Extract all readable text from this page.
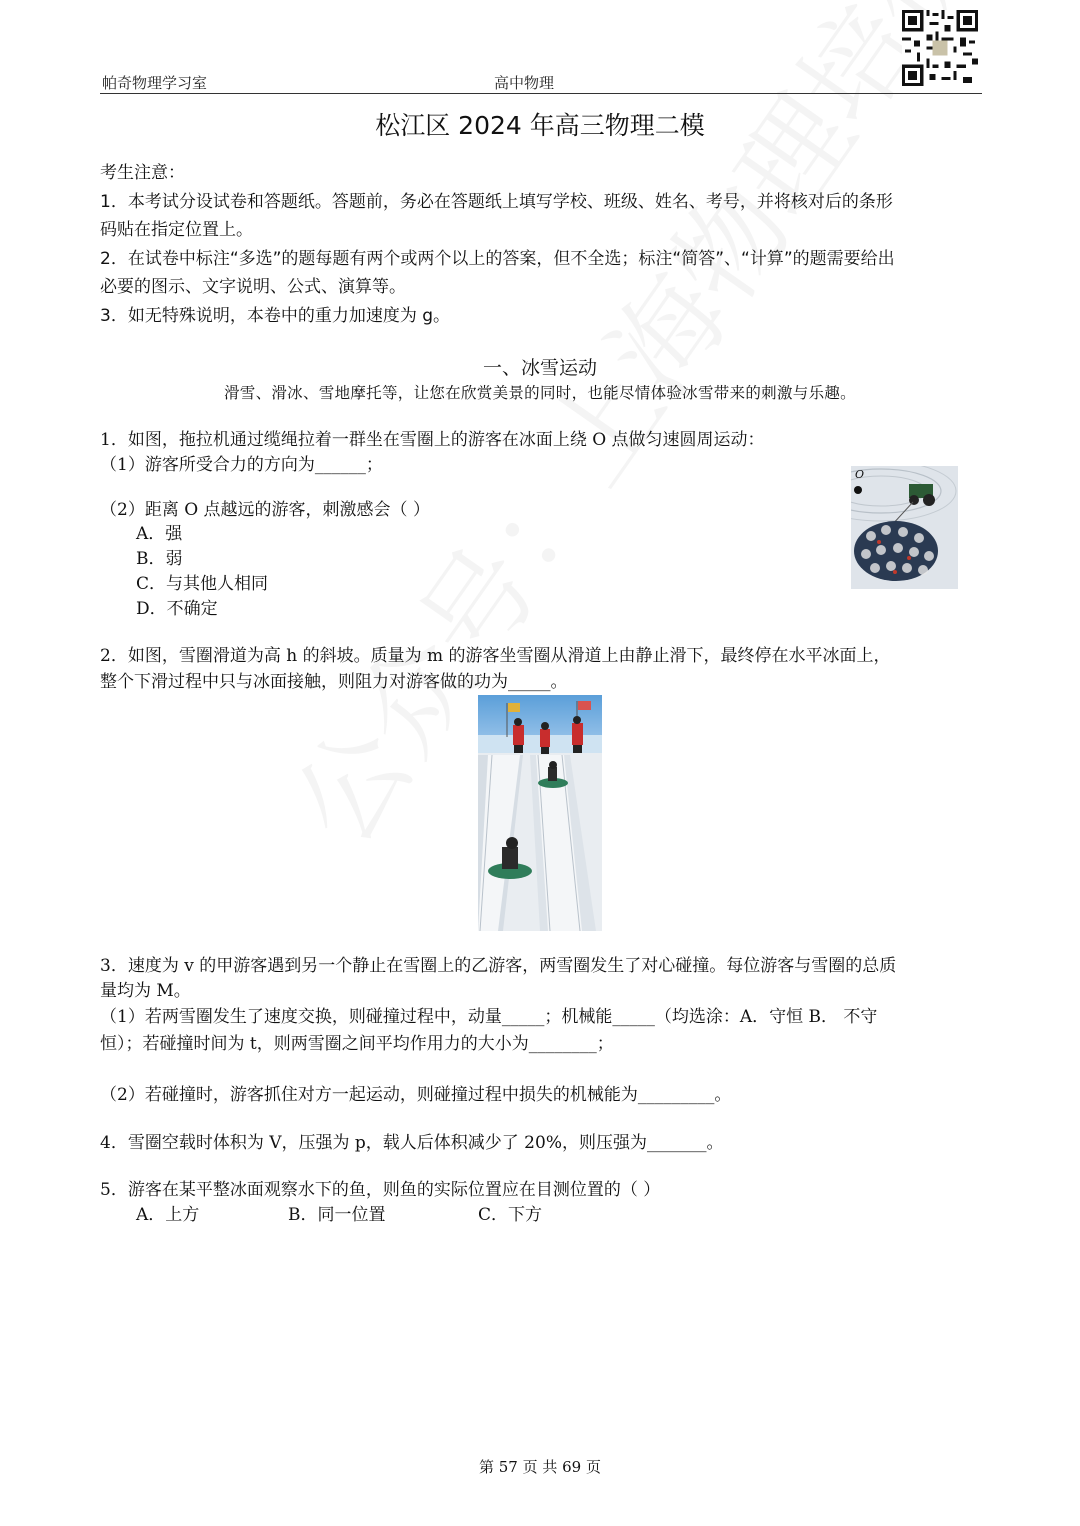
帕奇物理学习室	高中物理
松江区 2024 年高三物理二模
考生注意：
1．本考试分设试卷和答题纸。答题前，务必在答题纸上填写学校、班级、姓名、考号，并将核对后的条形
码贴在指定位置上。
2．在试卷中标注“多选”的题每题有两个或两个以上的答案，但不全选；标注“简答”、“计算”的题需要给出
必要的图示、文字说明、公式、演算等。
3．如无特殊说明，本卷中的重力加速度为 g。
一、冰雪运动
滑雪、滑冰、雪地摩托等，让您在欣赏美景的同时，也能尽情体验冰雪带来的刺激与乐趣。
1．如图，拖拉机通过缆绳拉着一群坐在雪圈上的游客在冰面上绕 O 点做匀速圆周运动：
（1）游客所受合力的方向为______；
（2）距离 O 点越远的游客，刺激感会（ ）
A．强
B．弱
C．与其他人相同
D．不确定
O
2．如图，雪圈滑道为高 h 的斜坡。质量为 m 的游客坐雪圈从滑道上由静止滑下，最终停在水平冰面上，
整个下滑过程中只与冰面接触，则阻力对游客做的功为_____。
3．速度为 v 的甲游客遇到另一个静止在雪圈上的乙游客，两雪圈发生了对心碰撞。每位游客与雪圈的总质
量均为 M。
（1）若两雪圈发生了速度交换，则碰撞过程中，动量_____；机械能_____（均选涂：A．守恒 B． 不守
恒）；若碰撞时间为 t，则两雪圈之间平均作用力的大小为________；
（2）若碰撞时，游客抓住对方一起运动，则碰撞过程中损失的机械能为_________。
4．雪圈空载时体积为 V，压强为 p，载人后体积减少了 20%，则压强为_______。
5．游客在某平整冰面观察水下的鱼，则鱼的实际位置应在目测位置的（ ）
A．上方	B．同一位置	C．下方
第 57 页 共 69 页
